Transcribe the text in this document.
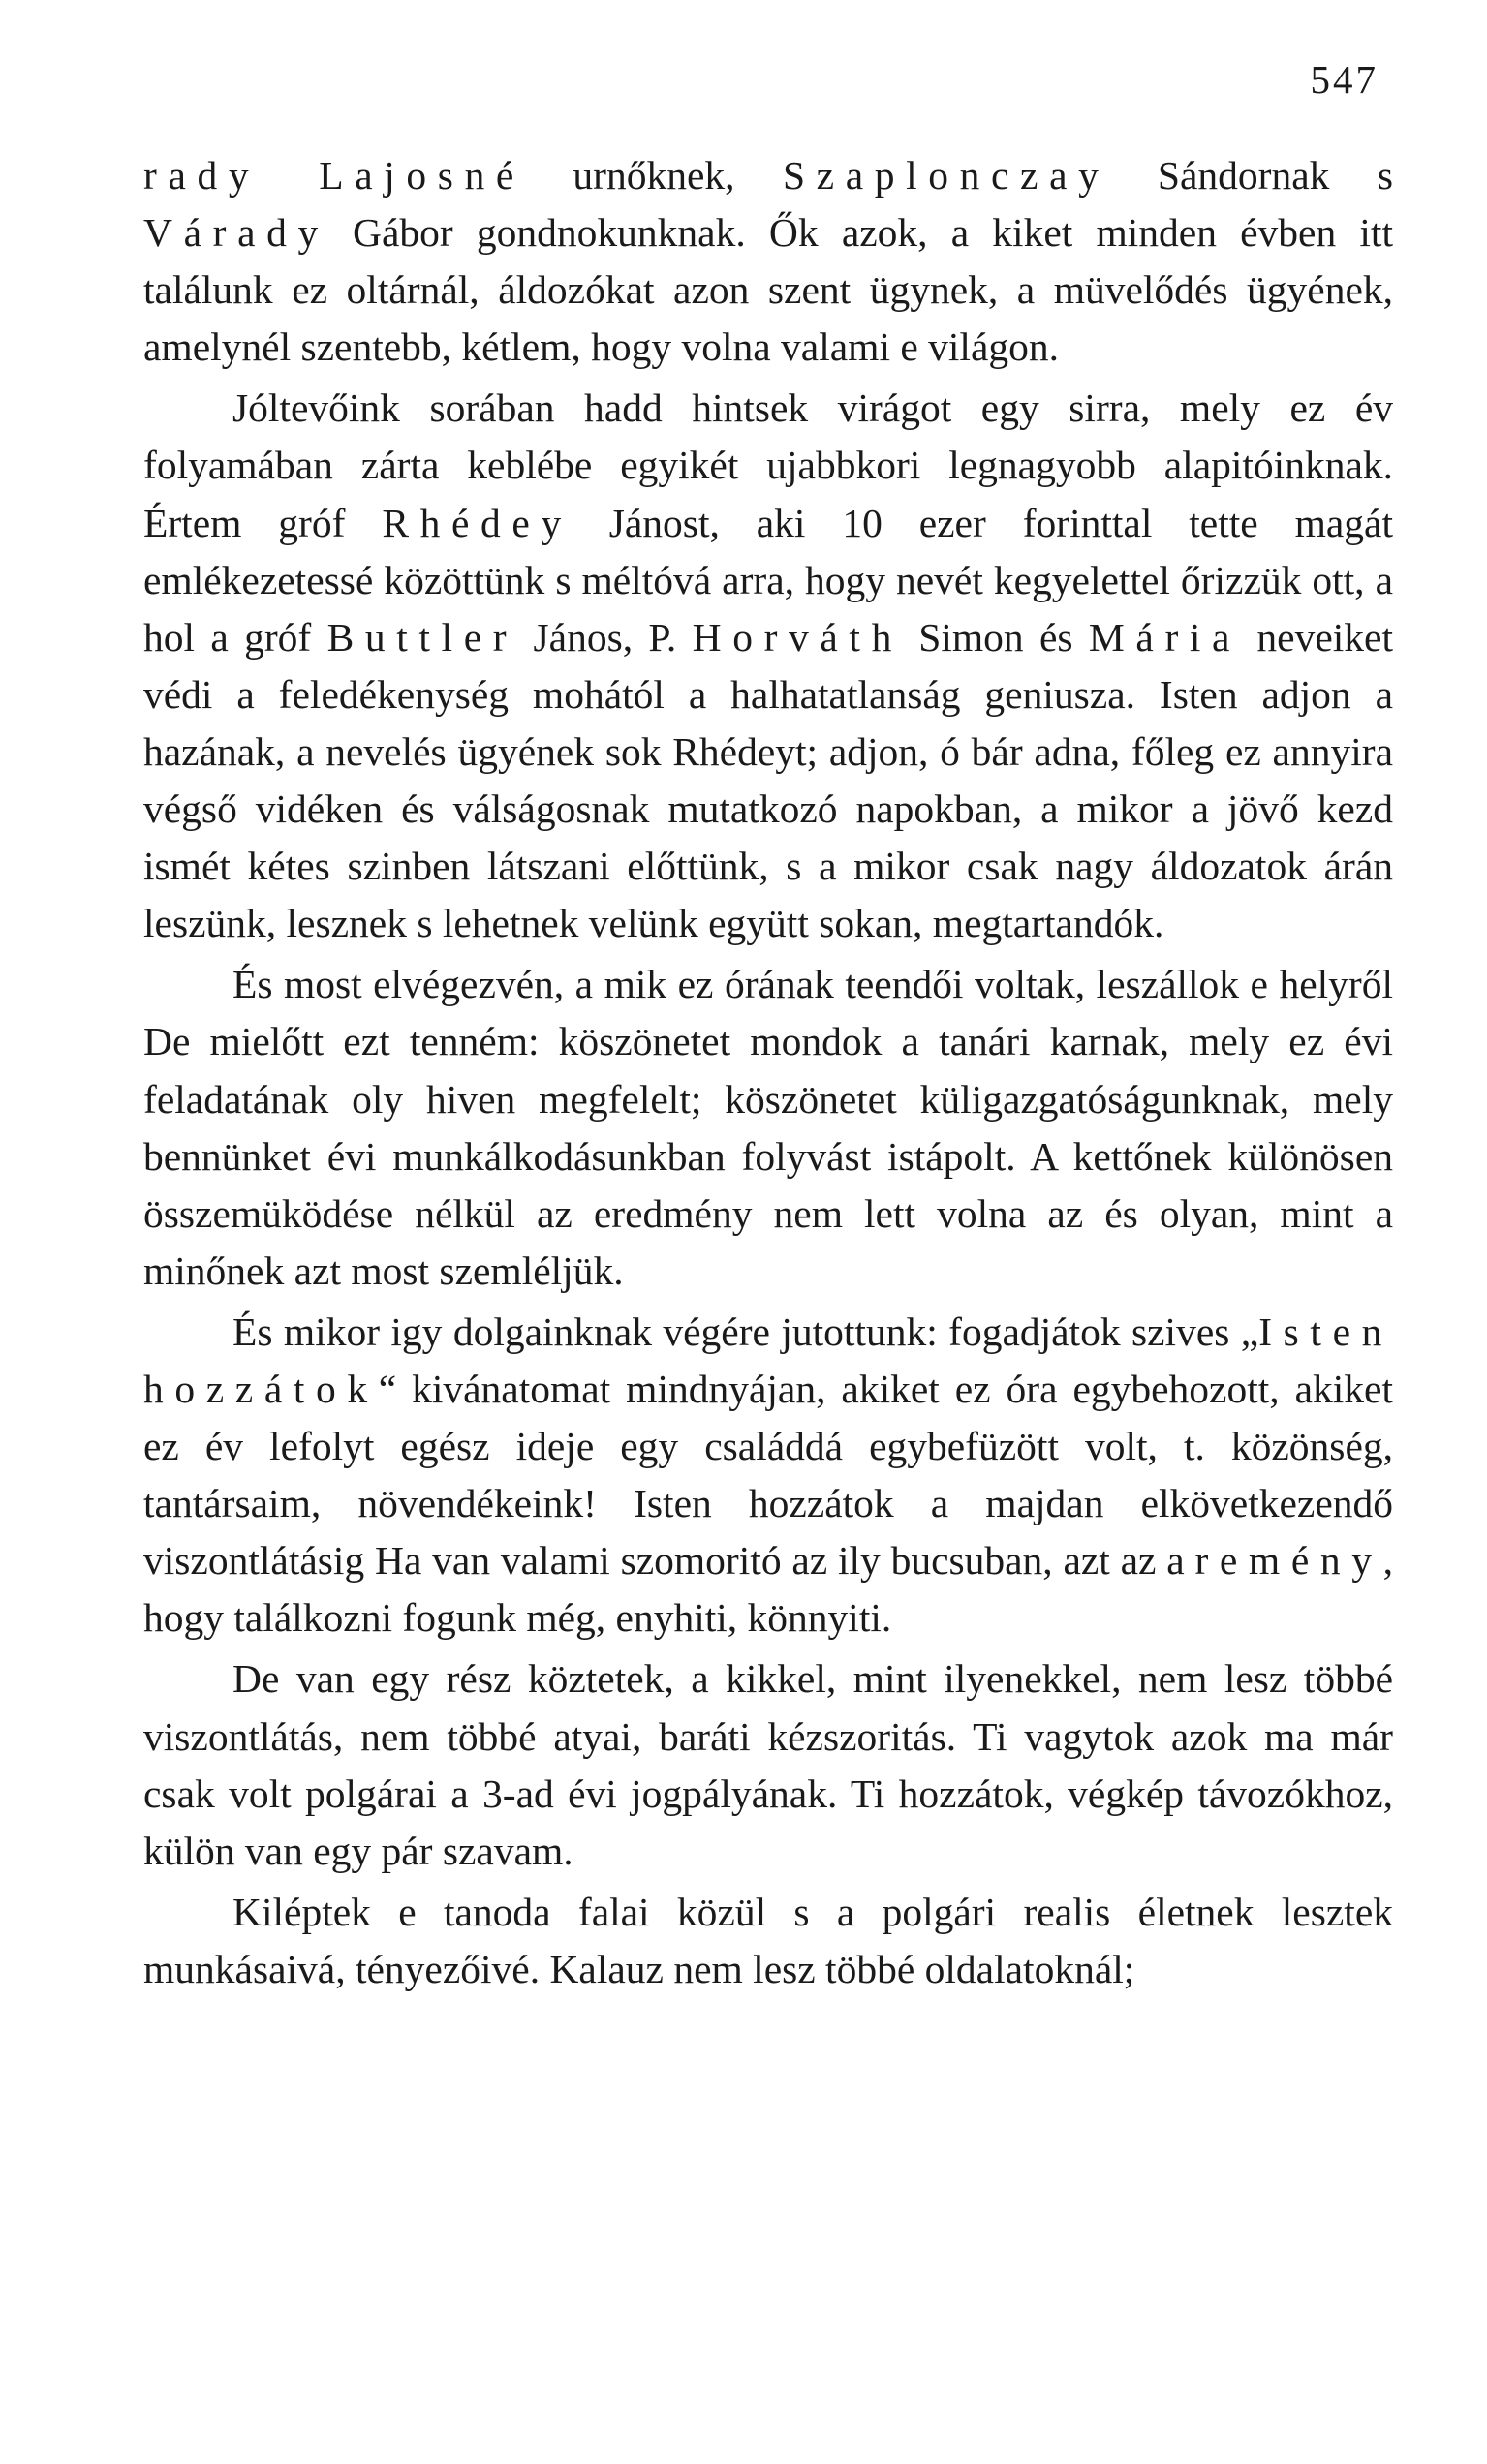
547

rady Lajosné urnőknek, Szaplonczay Sándornak s Várady Gábor gondnokunknak. Ők azok, a kiket minden évben itt találunk ez oltárnál, áldozókat azon szent ügynek, a müvelődés ügyének, amelynél szentebb, kétlem, hogy volna valami e világon.

Jóltevőink sorában hadd hintsek virágot egy sirra, mely ez év folyamában zárta keblébe egyikét ujabbkori legnagyobb alapitóinknak. Értem gróf Rhédey Jánost, aki 10 ezer forinttal tette magát emlékezetessé közöttünk s méltóvá arra, hogy nevét kegyelettel őrizzük ott, a hol a gróf Buttler János, P. Horváth Simon és Mária neveiket védi a feledékenység mohától a halhatatlanság geniusza. Isten adjon a hazának, a nevelés ügyének sok Rhédeyt; adjon, ó bár adna, főleg ez annyira végső vidéken és válságosnak mutatkozó napokban, a mikor a jövő kezd ismét kétes szinben látszani előttünk, s a mikor csak nagy áldozatok árán leszünk, lesznek s lehetnek velünk együtt sokan, megtartandók.

És most elvégezvén, a mik ez órának teendői voltak, leszállok e helyről De mielőtt ezt tenném: köszönetet mondok a tanári karnak, mely ez évi feladatának oly hiven megfelelt; köszönetet küligazgatóságunknak, mely bennünket évi munkálkodásunkban folyvást istápolt. A kettőnek különösen összemüködése nélkül az eredmény nem lett volna az és olyan, mint a minőnek azt most szemléljük.

És mikor igy dolgainknak végére jutottunk: fogadjátok szives „Isten hozzátok“ kivánatomat mindnyájan, akiket ez óra egybehozott, akiket ez év lefolyt egész ideje egy családdá egybefüzött volt, t. közönség, tantársaim, növendékeink! Isten hozzátok a majdan elkövetkezendő viszontlátásig Ha van valami szomoritó az ily bucsuban, azt az a remény, hogy találkozni fogunk még, enyhiti, könnyiti.

De van egy rész köztetek, a kikkel, mint ilyenekkel, nem lesz többé viszontlátás, nem többé atyai, baráti kézszoritás. Ti vagytok azok ma már csak volt polgárai a 3-ad évi jogpályának. Ti hozzátok, végkép távozókhoz, külön van egy pár szavam.

Kiléptek e tanoda falai közül s a polgári realis életnek lesztek munkásaivá, tényezőivé. Kalauz nem lesz többé oldalatoknál;
